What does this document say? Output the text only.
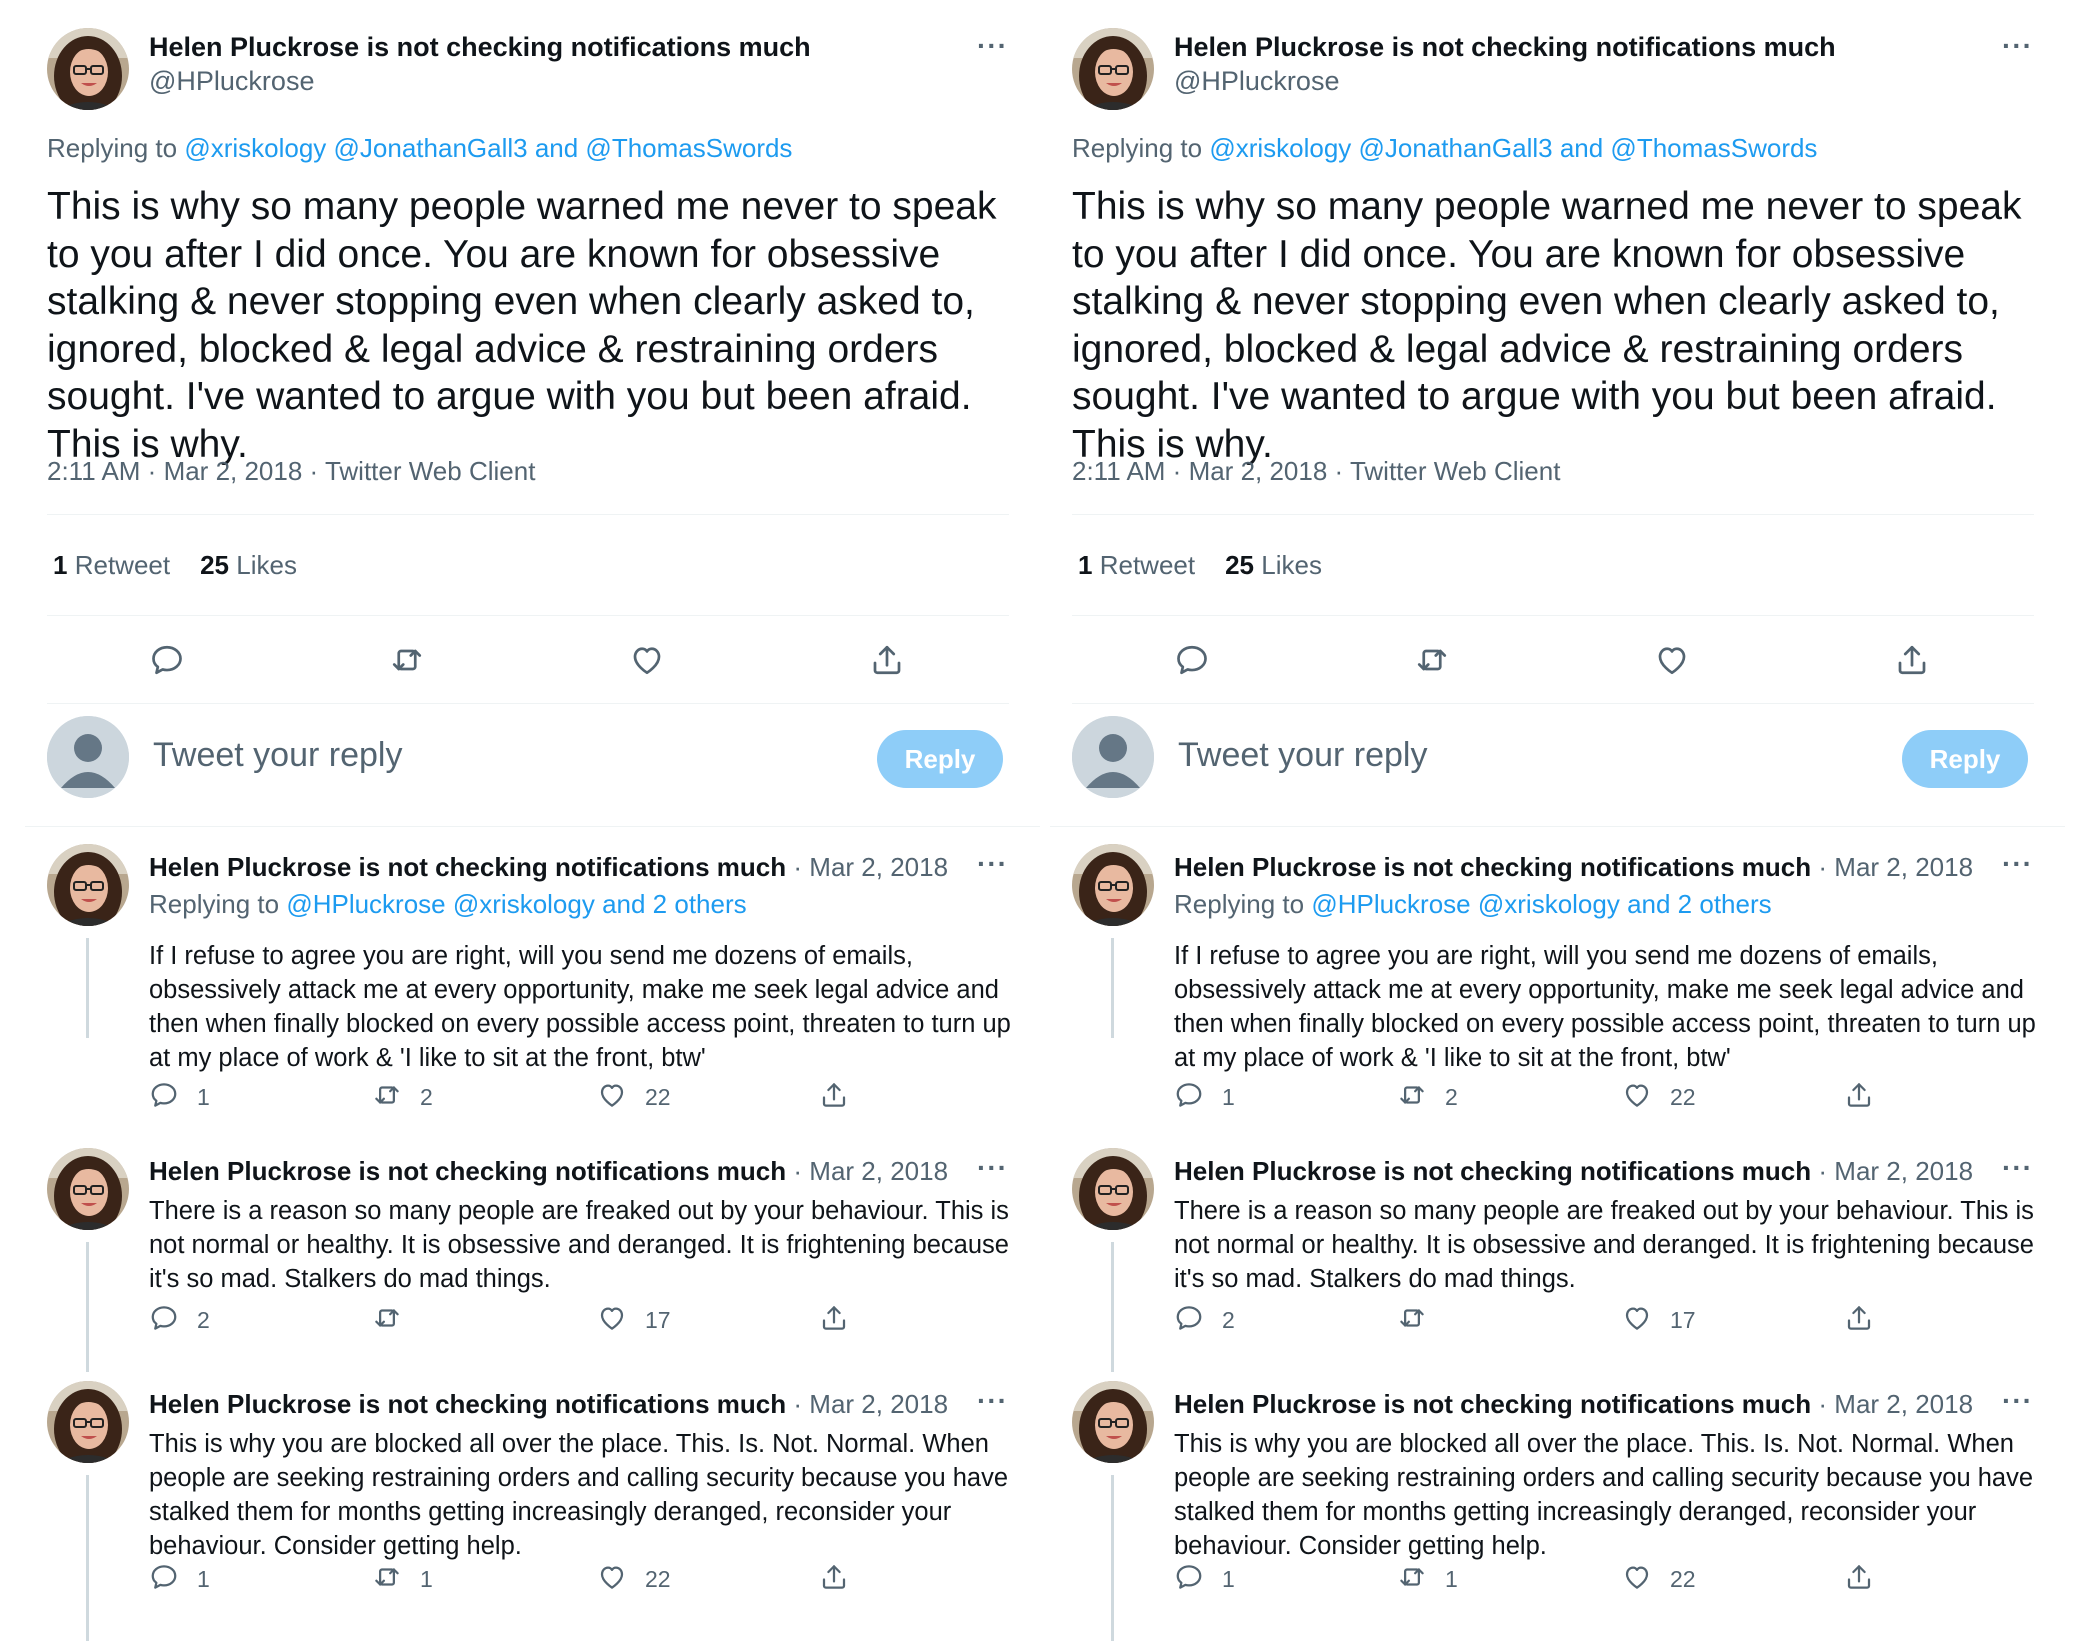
Helen Pluckrose is not checking notifications much
@HPluckrose
···
Replying to @xriskology @JonathanGall3 and @ThomasSwords
This is why so many people warned me never to speak to you after I did once. You are known for obsessive stalking & never stopping even when clearly asked to, ignored, blocked & legal advice & restraining orders sought. I've wanted to argue with you but been afraid. This is why.
2:11 AM · Mar 2, 2018 · Twitter Web Client
1 Retweet 25 Likes
Tweet your reply	Reply
Helen Pluckrose is not checking notifications much · Mar 2, 2018 ···
Replying to @HPluckrose @xriskology and 2 others
If I refuse to agree you are right, will you send me dozens of emails, obsessively attack me at every opportunity, make me seek legal advice and then when finally blocked on every possible access point, threaten to turn up at my place of work & 'I like to sit at the front, btw'
1	2	22
Helen Pluckrose is not checking notifications much · Mar 2, 2018 ···
There is a reason so many people are freaked out by your behaviour. This is not normal or healthy. It is obsessive and deranged. It is frightening because it's so mad. Stalkers do mad things.
2	17
Helen Pluckrose is not checking notifications much · Mar 2, 2018 ···
This is why you are blocked all over the place. This. Is. Not. Normal. When people are seeking restraining orders and calling security because you have stalked them for months getting increasingly deranged, reconsider your behaviour. Consider getting help.
1	1	22
Helen Pluckrose is not checking notifications much
@HPluckrose
···
Replying to @xriskology @JonathanGall3 and @ThomasSwords
This is why so many people warned me never to speak to you after I did once. You are known for obsessive stalking & never stopping even when clearly asked to, ignored, blocked & legal advice & restraining orders sought. I've wanted to argue with you but been afraid. This is why.
2:11 AM · Mar 2, 2018 · Twitter Web Client
1 Retweet 25 Likes
Tweet your reply	Reply
Helen Pluckrose is not checking notifications much · Mar 2, 2018 ···
Replying to @HPluckrose @xriskology and 2 others
If I refuse to agree you are right, will you send me dozens of emails, obsessively attack me at every opportunity, make me seek legal advice and then when finally blocked on every possible access point, threaten to turn up at my place of work & 'I like to sit at the front, btw'
1	2	22
Helen Pluckrose is not checking notifications much · Mar 2, 2018 ···
There is a reason so many people are freaked out by your behaviour. This is not normal or healthy. It is obsessive and deranged. It is frightening because it's so mad. Stalkers do mad things.
2	17
Helen Pluckrose is not checking notifications much · Mar 2, 2018 ···
This is why you are blocked all over the place. This. Is. Not. Normal. When people are seeking restraining orders and calling security because you have stalked them for months getting increasingly deranged, reconsider your behaviour. Consider getting help.
1	1	22
